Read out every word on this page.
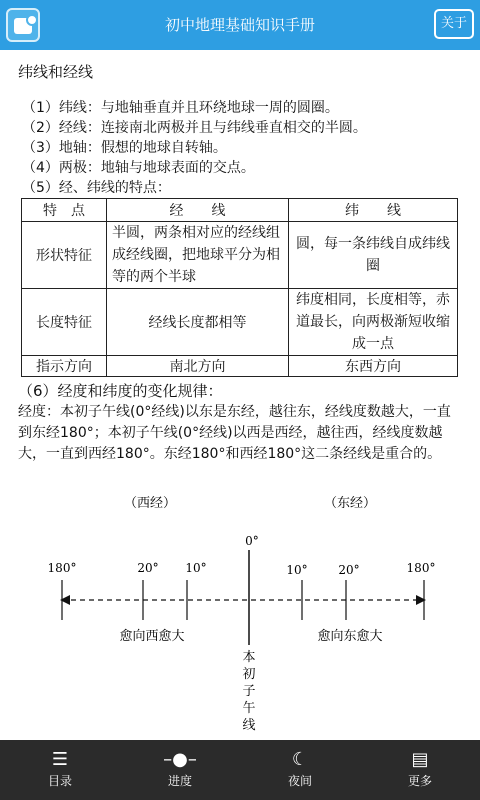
初中地理基础知识手册	关于
纬线和经线
（1）纬线：与地轴垂直并且环绕地球一周的圆圈。
（2）经线：连接南北两极并且与纬线垂直相交的半圆。
（3）地轴：假想的地球自转轴。
（4）两极：地轴与地球表面的交点。
（5）经、纬线的特点：
特　点	经　　线	纬　　线
形状特征	半圆，两条相对应的经线组成经线圈，把地球平分为相等的两个半球	圆，每一条纬线自成纬线圈
长度特征	经线长度都相等	纬度相同，长度相等，赤道最长，向两极渐短收缩成一点
指示方向	南北方向	东西方向
（6）经度和纬度的变化规律：
经度：本初子午线(0°经线)以东是东经，越往东，经线度数越大，一直到东经180°；本初子午线(0°经线)以西是西经，越往西，经线度数越大，一直到西经180°。东经180°和西经180°这二条经线是重合的。
（西经）	（东经）
0°
180°	20° 10°	10°	20°	180°
愈向西愈大	愈向东愈大
本
初
子
午
线
☰
目录
–●–
进度
☾
夜间
▤
更多
